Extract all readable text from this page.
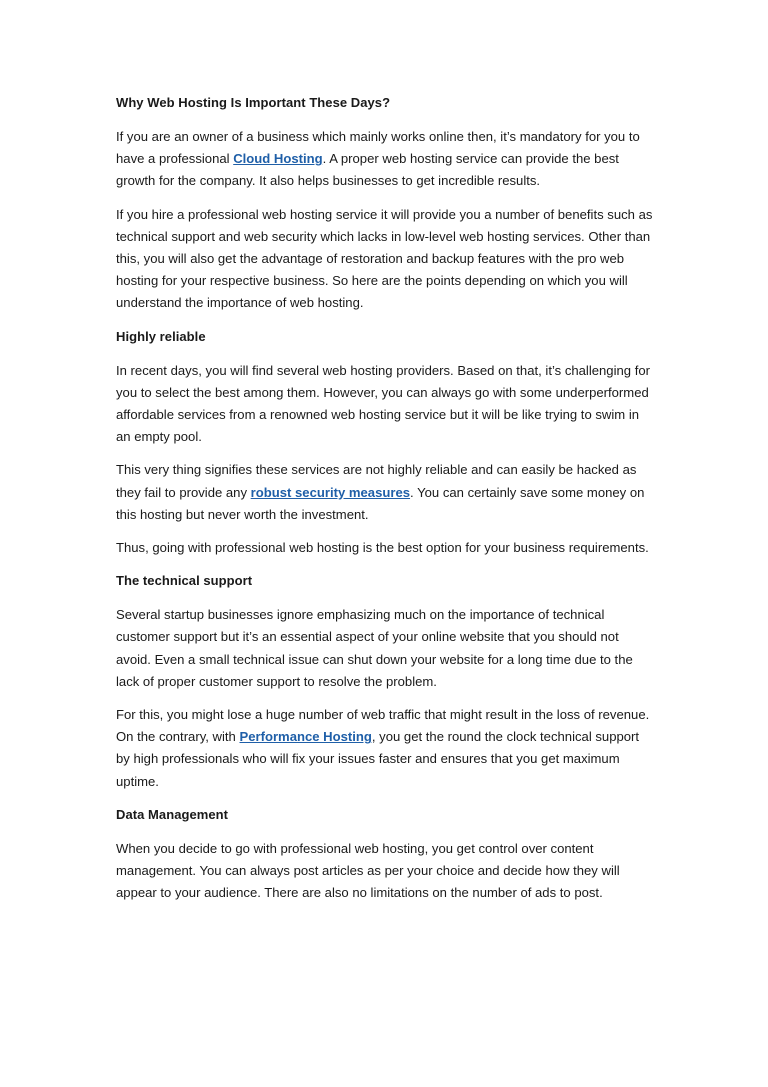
Why Web Hosting Is Important These Days?

If you are an owner of a business which mainly works online then, it’s mandatory for you to have a professional Cloud Hosting. A proper web hosting service can provide the best growth for the company. It also helps businesses to get incredible results.

If you hire a professional web hosting service it will provide you a number of benefits such as technical support and web security which lacks in low-level web hosting services. Other than this, you will also get the advantage of restoration and backup features with the pro web hosting for your respective business. So here are the points depending on which you will understand the importance of web hosting.

Highly reliable

In recent days, you will find several web hosting providers. Based on that, it’s challenging for you to select the best among them. However, you can always go with some underperformed affordable services from a renowned web hosting service but it will be like trying to swim in an empty pool.

This very thing signifies these services are not highly reliable and can easily be hacked as they fail to provide any robust security measures. You can certainly save some money on this hosting but never worth the investment.

Thus, going with professional web hosting is the best option for your business requirements.

The technical support

Several startup businesses ignore emphasizing much on the importance of technical customer support but it’s an essential aspect of your online website that you should not avoid. Even a small technical issue can shut down your website for a long time due to the lack of proper customer support to resolve the problem.

For this, you might lose a huge number of web traffic that might result in the loss of revenue. On the contrary, with Performance Hosting, you get the round the clock technical support by high professionals who will fix your issues faster and ensures that you get maximum uptime.

Data Management

When you decide to go with professional web hosting, you get control over content management. You can always post articles as per your choice and decide how they will appear to your audience. There are also no limitations on the number of ads to post.
